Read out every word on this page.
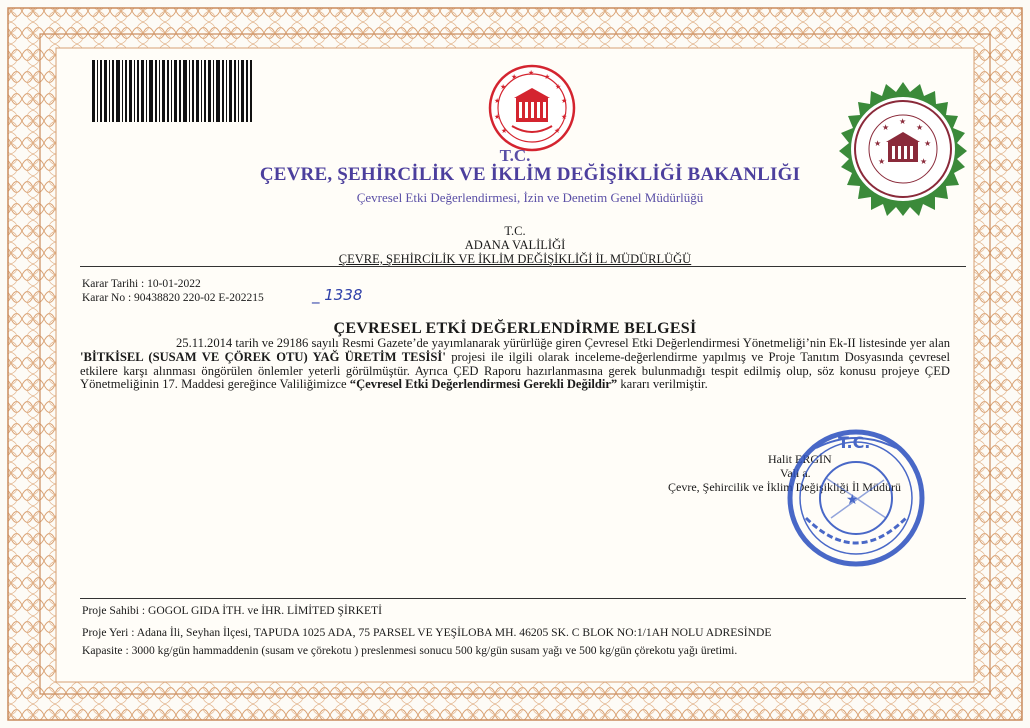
★ ★
★
★
★
★
★
★
★
★
★
★
★	★
★	★
★	★
T.C.
ÇEVRE, ŞEHİRCİLİK VE İKLİM DEĞİŞİKLİĞİ BAKANLIĞI
Çevresel Etki Değerlendirmesi, İzin ve Denetim Genel Müdürlüğü
T.C.
ADANA VALİLİĞİ
ÇEVRE, ŞEHİRCİLİK VE İKLİM DEĞİŞİKLİĞİ İL MÜDÜRLÜĞÜ
Karar Tarihi : 10-01-2022
Karar No : 90438820 220-02 E-202215	_ 1338
ÇEVRESEL ETKİ DEĞERLENDİRME BELGESİ

25.11.2014 tarih ve 29186 sayılı Resmi Gazete’de yayımlanarak yürürlüğe giren Çevresel Etki Değerlendirmesi Yönetmeliği’nin Ek-II listesinde yer alan 'BİTKİSEL (SUSAM VE ÇÖREK OTU) YAĞ ÜRETİM TESİSİ' projesi ile ilgili olarak inceleme-değerlendirme yapılmış ve Proje Tanıtım Dosyasında çevresel etkilere karşı alınması öngörülen önlemler yeterli görülmüştür. Ayrıca ÇED Raporu hazırlanmasına gerek bulunmadığı tespit edilmiş olup, söz konusu projeye ÇED Yönetmeliğinin 17. Maddesi gereğince Valiliğimizce “Çevresel Etki Değerlendirmesi Gerekli Değildir” kararı verilmiştir.

Halit ERGİN
Vali a.
Çevre, Şehircilik ve İklim Değişikliği İl Müdürü
T.C.
★
Proje Sahibi : GOGOL GIDA İTH. ve İHR. LİMİTED ŞİRKETİ
Proje Yeri : Adana İli, Seyhan İlçesi, TAPUDA 1025 ADA, 75 PARSEL VE YEŞİLOBA MH. 46205 SK. C BLOK NO:1/1AH NOLU ADRESİNDE
Kapasite : 3000 kg/gün hammaddenin (susam ve çörekotu ) preslenmesi sonucu 500 kg/gün susam yağı ve 500 kg/gün çörekotu yağı üretimi.
